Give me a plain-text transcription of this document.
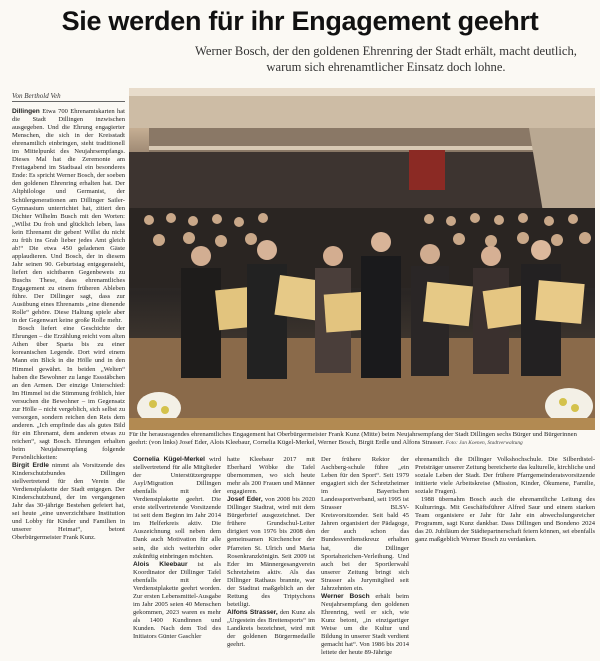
Sie werden für ihr Engagement geehrt
Werner Bosch, der den goldenen Ehrenring der Stadt erhält, macht deutlich, warum sich ehrenamtlicher Einsatz doch lohne.
Von Berthold Veh

Dillingen Etwa 700 Ehrenamtskarten hat die Stadt Dillingen inzwischen ausgegeben. Und die Ehrung engagierter Menschen, die sich in der Kreisstadt ehrenamtlich einbringen, steht traditionell im Mittelpunkt des Neujahrsempfangs. Dieses Mal hat die Zeremonie am Freitagabend im Stadtsaal ein besonderes Ende: Es spricht Werner Bosch, der soeben den goldenen Ehrenring erhalten hat. Der Altphilologe und Germanist, der Schülergenerationen am Dillinger Sailer-Gymnasium unterrichtet hat, zitiert den Dichter Wilhelm Busch mit den Worten: „Willst Du froh und glücklich leben, lass kein Ehrenamt dir geben! Willst du nicht zu früh ins Grab lieber jedes Amt gleich ab!“ Die etwa 450 geladenen Gäste applaudieren. Und Bosch, der in diesem Jahr seinen 90. Geburtstag entgegensieht, liefert den sichtbaren Gegenbeweis zu Buschs These, dass ehrenamtliches Engagement zu einem früheren Ableben führe. Der Dillinger sagt, dass zur Ausübung eines Ehrenamts „eine dienende Rolle“ gehöre. Diese Haltung spiele aber in der Gegenwart keine große Rolle mehr.

Bosch liefert eine Geschichte der Ehrungen – die Erzählung reicht vom alten Athen über Sparta bis zu einer koreanischen Legende. Dort wird einem Mann ein Blick in die Hölle und in den Himmel gewährt. In beiden „Welten“ haben die Bewohner zu lange Essstäbchen an den Armen. Der einzige Unterschied: Im Himmel ist die Stimmung fröhlich, hier versuchen die Bewohner – im Gegensatz zur Hölle – nicht vergeblich, sich selbst zu versorgen, sondern reichen den Reis dem anderen. „Ich empfinde das als gutes Bild für ein Ehrenamt, dem anderen etwas zu reichen“, sagt Bosch. Ehrungen erhalten beim Neujahrsempfang folgende Persönlichkeiten:

Birgit Erdle nimmt als Vorsitzende des Kinderschutzbundes Dillingen stellvertretend für den Verein die Verdienstplakette der Stadt entgegen. Der Kinderschutzbund, der im vergangenen Jahr das 30-jährige Bestehen gefeiert hat, sei heute „eine unverzichtbare Institution und Lobby für Kinder und Familien in unserer Heimat“, betont Oberbürgermeister Frank Kunz.

Für ihr herausragendes ehrenamtliches Engagement hat Oberbürgermeister Frank Kunz (Mitte) beim Neujahrsempfang der Stadt Dillingen sechs Bürger und Bürgerinnen geehrt: (von links) Josef Eder, Alois Kleebaur, Cornelia Kügel-Merkel, Werner Bosch, Birgit Erdle und Alfons Strasser. Foto: Jan Koenen, Stadtverwaltung

Cornelia Kügel-Merkel wird stellvertretend für alle Mitglieder der Unterstützergruppe Asyl/Migration Dillingen ebenfalls mit der Verdienstplakette geehrt. Die erste stellvertretende Vorsitzende ist seit dem Beginn im Jahr 2014 im Helferkreis aktiv. Die Auszeichnung soll neben dem Dank auch Motivation für alle sein, die sich weiterhin oder zukünftig einbringen möchten.

Alois Kleebaur ist als Koordinator der Dillinger Tafel ebenfalls mit der Verdienstplakette geehrt worden. Zur ersten Lebensmittel-Ausgabe im Jahr 2005 seien 40 Menschen gekommen, 2023 waren es mehr als 1400 Kundinnen und Kunden. Nach dem Tod des Initiators Günter Gaschler

hatte Kleebaur 2017 mit Eberhard Wöbke die Tafel übernommen, wo sich heute mehr als 200 Frauen und Männer engagieren.

Josef Eder, von 2008 bis 2020 Dillinger Stadtrat, wird mit dem Bürgerbrief ausgezeichnet. Der frühere Grundschul-Leiter dirigiert von 1976 bis 2008 den gemeinsamen Kirchenchor der Pfarreien St. Ulrich und Maria Rosenkranzkönigin. Seit 2009 ist Eder im Männergesangverein Schretzheim aktiv. Als das Dillinger Rathaus brannte, war der Stadtrat maßgeblich an der Rettung des Triptychons beteiligt.

Alfons Strasser, den Kunz als „Urgestein des Breitensports“ im Landkreis bezeichnet, wird mit der goldenen Bürgermedaille geehrt.

Der frühere Rektor der Aschberg-schule führe „ein Leben für den Sport“. Seit 1979 engagiert sich der Schretzheimer im Bayerischen Landessportverband, seit 1995 ist Strasser BLSV-Kreisvorsitzender. Seit bald 45 Jahren organisiert der Pädagoge, der auch schon das Bundesverdienstkreuz erhalten hat, die Dillinger Sportabzeichen-Verleihung. Und auch bei der Sportlerwahl unserer Zeitung bringt sich Strasser als Jurymitglied seit Jahrzehnten ein.

Werner Bosch erhält beim Neujahrsempfang den goldenen Ehrenring, weil er sich, wie Kunz betont, „in einzigartiger Weise um die Kultur und Bildung in unserer Stadt verdient gemacht hat“. Von 1986 bis 2014 leitete der heute 89-Jährige

ehrenamtlich die Dillinger Volkshochschule. Die Silberdistel-Preisträger unserer Zeitung bereicherte das kulturelle, kirchliche und soziale Leben der Stadt. Der frühere Pfarrgemeinderatsvorsitzende initiierte viele Arbeitskreise (Mission, Kinder, Ökumene, Familie, soziale Fragen).

1988 übernahm Bosch auch die ehrenamtliche Leitung des Kulturrings. Mit Geschäftsführer Alfred Saur und einem starken Team organisiere er Jahr für Jahr ein abwechslungsreicher Programm, sagt Kunz dankbar. Dass Dillingen und Bondeno 2024 das 20. Jubiläum der Städtepartnerschaft feiern können, sei ebenfalls ganz maßgeblich Werner Bosch zu verdanken.
